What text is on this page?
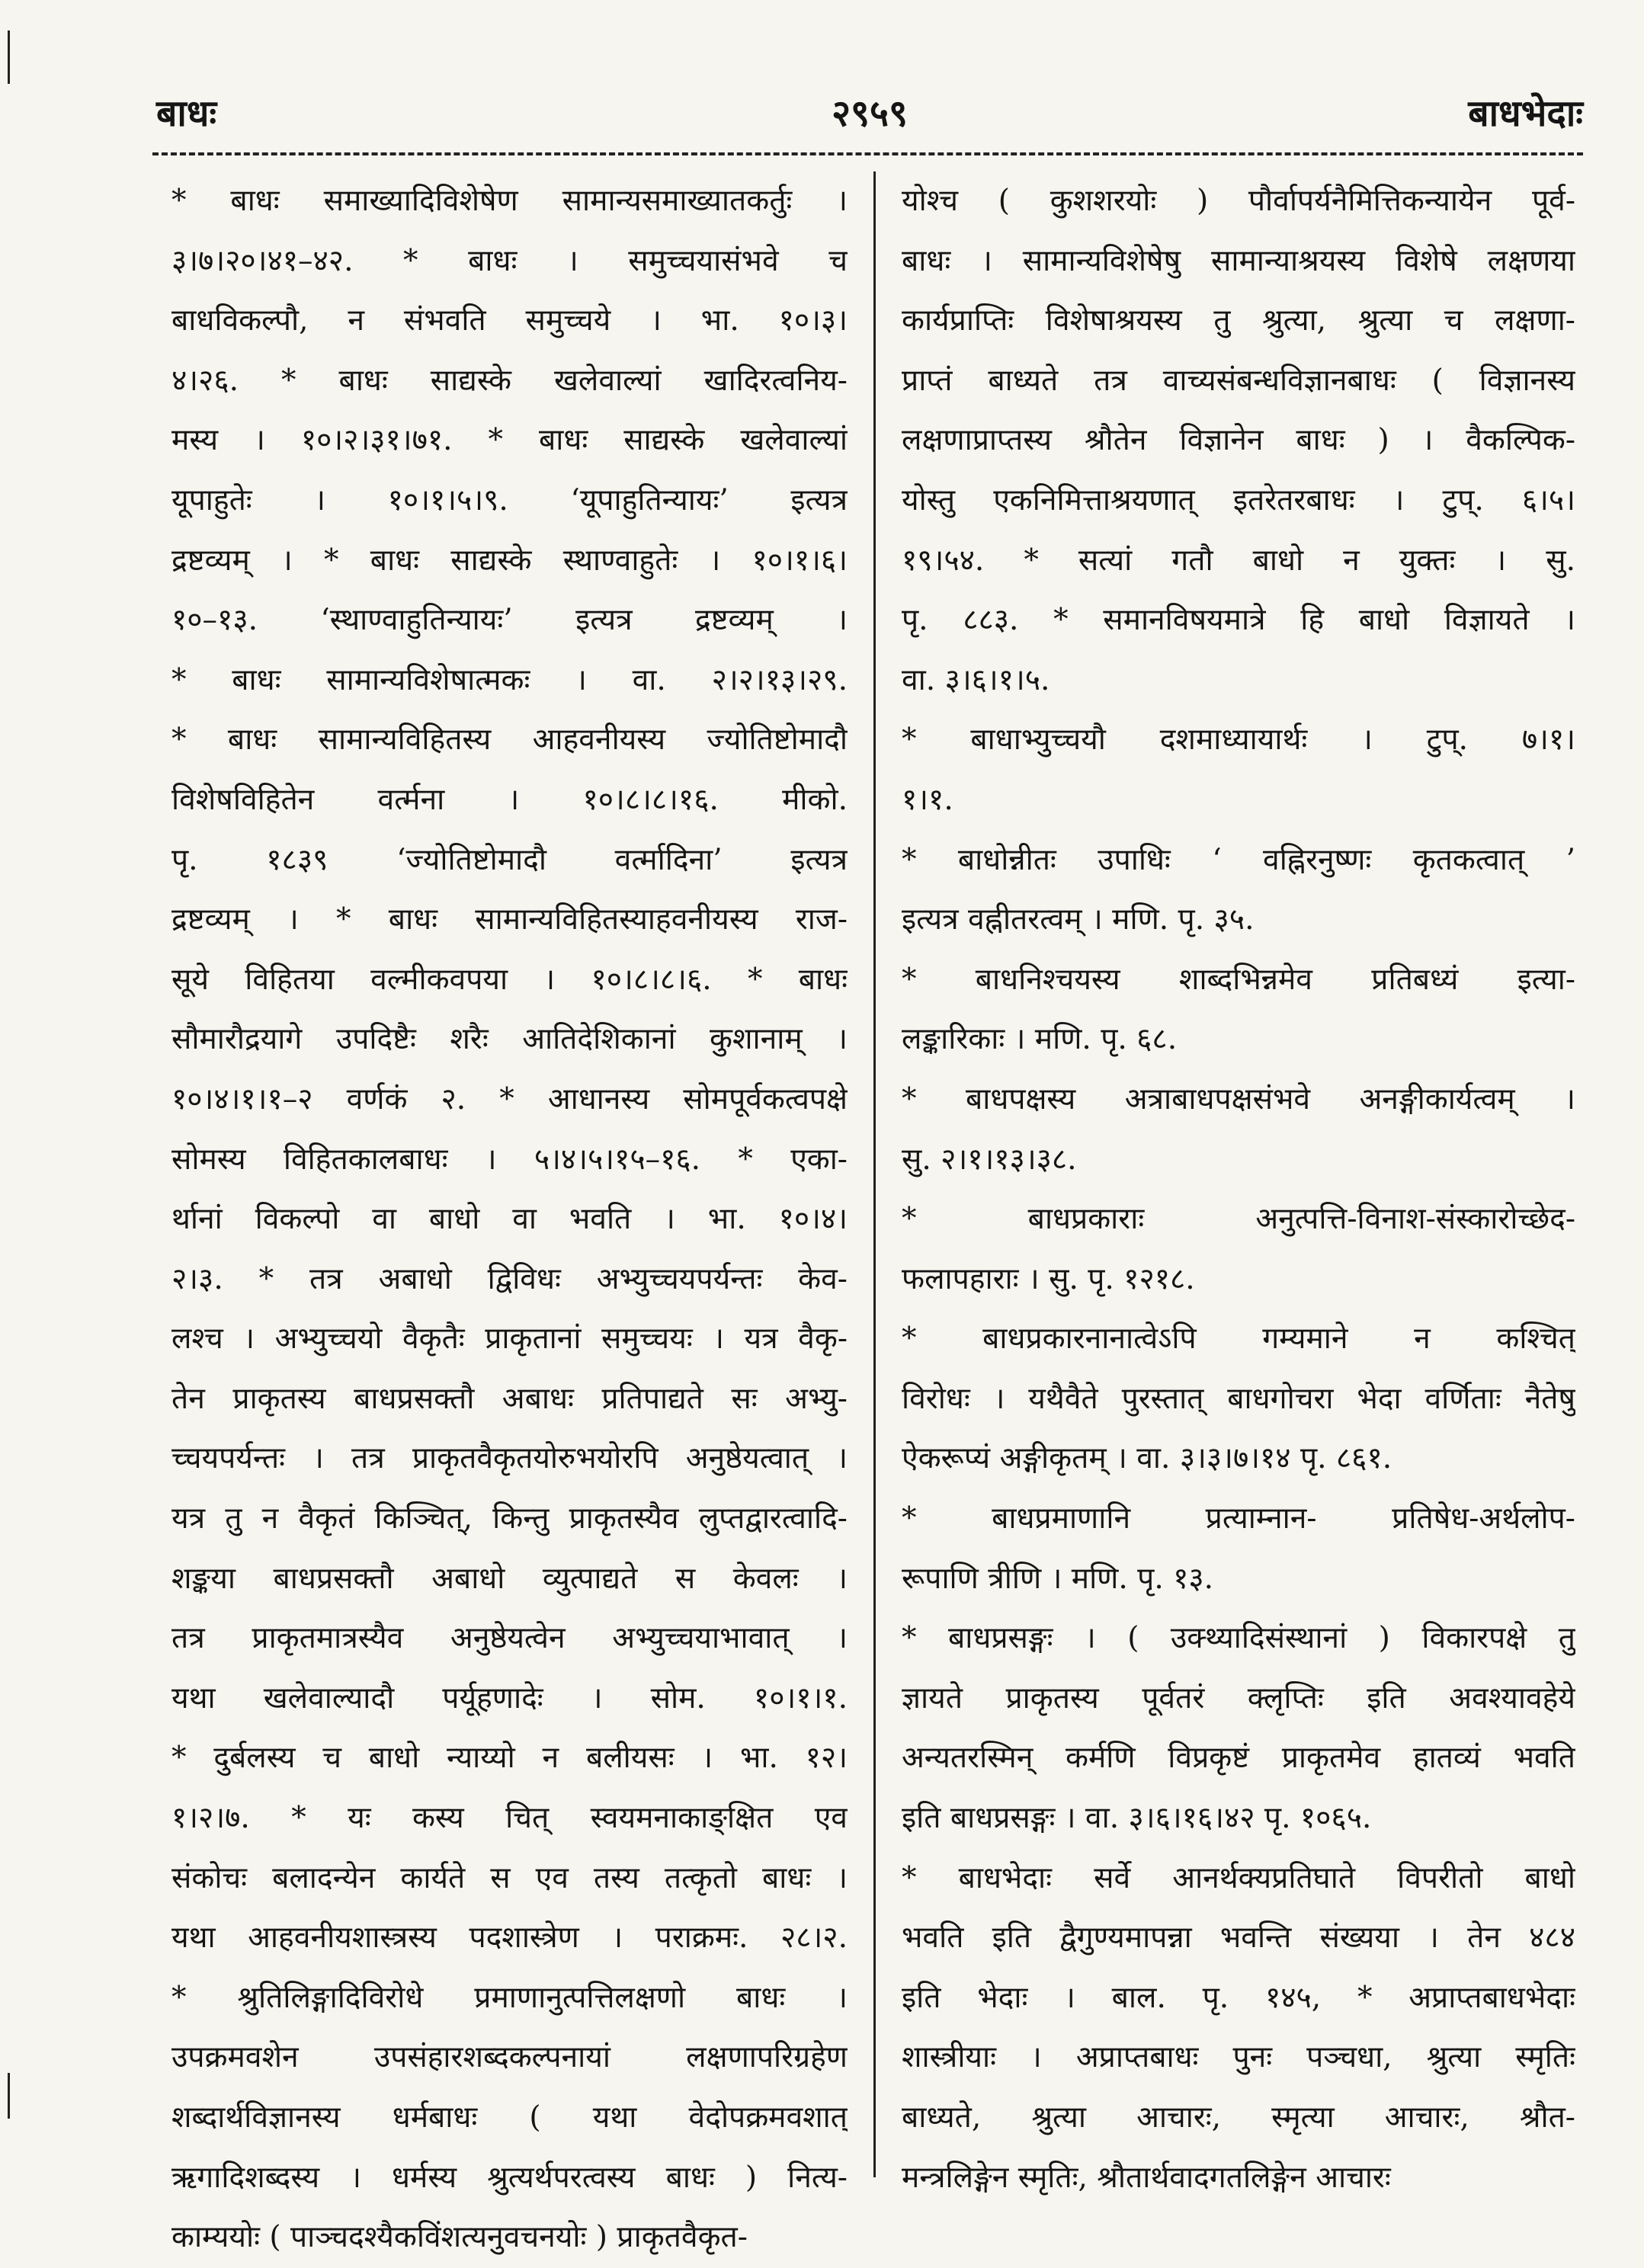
बाधः	२९५९	बाधभेदाः
* बाधः समाख्यादिविशेषेण सामान्यसमाख्यातकर्तुः ।
३।७।२०।४१–४२. * बाधः । समुच्चयासंभवे च
बाधविकल्पौ, न संभवति समुच्चये । भा. १०।३।
४।२६. * बाधः साद्यस्के खलेवाल्यां खादिरत्वनिय-
मस्य । १०।२।३१।७१. * बाधः साद्यस्के खलेवाल्यां
यूपाहुतेः । १०।१।५।९. ‘यूपाहुतिन्यायः’ इत्यत्र
द्रष्टव्यम् । * बाधः साद्यस्के स्थाण्वाहुतेः । १०।१।६।
१०–१३. ‘स्थाण्वाहुतिन्यायः’ इत्यत्र द्रष्टव्यम् ।
* बाधः सामान्यविशेषात्मकः । वा. २।२।१३।२९.
* बाधः सामान्यविहितस्य आहवनीयस्य ज्योतिष्टोमादौ
विशेषविहितेन वर्त्मना । १०।८।८।१६. मीको.
पृ. १८३९ ‘ज्योतिष्टोमादौ वर्त्मादिना’ इत्यत्र
द्रष्टव्यम् । * बाधः सामान्यविहितस्याहवनीयस्य राज-
सूये विहितया वल्मीकवपया । १०।८।८।६. * बाधः
सौमारौद्रयागे उपदिष्टैः शरैः आतिदेशिकानां कुशानाम् ।
१०।४।१।१–२ वर्णकं २. * आधानस्य सोमपूर्वकत्वपक्षे
सोमस्य विहितकालबाधः । ५।४।५।१५–१६. * एका-
र्थानां विकल्पो वा बाधो वा भवति । भा. १०।४।
२।३. * तत्र अबाधो द्विविधः अभ्युच्चयपर्यन्तः केव-
लश्च । अभ्युच्चयो वैकृतैः प्राकृतानां समुच्चयः । यत्र वैकृ-
तेन प्राकृतस्य बाधप्रसक्तौ अबाधः प्रतिपाद्यते सः अभ्यु-
च्चयपर्यन्तः । तत्र प्राकृतवैकृतयोरुभयोरपि अनुष्ठेयत्वात् ।
यत्र तु न वैकृतं किञ्चित्, किन्तु प्राकृतस्यैव लुप्तद्वारत्वादि-
शङ्कया बाधप्रसक्तौ अबाधो व्युत्पाद्यते स केवलः ।
तत्र प्राकृतमात्रस्यैव अनुष्ठेयत्वेन अभ्युच्चयाभावात् ।
यथा खलेवाल्यादौ पर्यूहणादेः । सोम. १०।१।१.
* दुर्बलस्य च बाधो न्याय्यो न बलीयसः । भा. १२।
१।२।७. * यः कस्य चित् स्वयमनाकाङ्क्षित एव
संकोचः बलादन्येन कार्यते स एव तस्य तत्कृतो बाधः ।
यथा आहवनीयशास्त्रस्य पदशास्त्रेण । पराक्रमः. २८।२.
* श्रुतिलिङ्गादिविरोधे प्रमाणानुत्पत्तिलक्षणो बाधः ।
उपक्रमवशेन उपसंहारशब्दकल्पनायां लक्षणापरिग्रहेण
शब्दार्थविज्ञानस्य धर्मबाधः ( यथा वेदोपक्रमवशात्
ऋगादिशब्दस्य । धर्मस्य श्रुत्यर्थपरत्वस्य बाधः ) नित्य-
काम्ययोः ( पाञ्चदश्यैकविंशत्यनुवचनयोः ) प्राकृतवैकृत-
योश्च ( कुशशरयोः ) पौर्वापर्यनैमित्तिकन्यायेन पूर्व-
बाधः । सामान्यविशेषेषु सामान्याश्रयस्य विशेषे लक्षणया
कार्यप्राप्तिः विशेषाश्रयस्य तु श्रुत्या, श्रुत्या च लक्षणा-
प्राप्तं बाध्यते तत्र वाच्यसंबन्धविज्ञानबाधः ( विज्ञानस्य
लक्षणाप्राप्तस्य श्रौतेन विज्ञानेन बाधः ) । वैकल्पिक-
योस्तु एकनिमित्ताश्रयणात् इतरेतरबाधः । टुप्. ६।५।
१९।५४. * सत्यां गतौ बाधो न युक्तः । सु.
पृ. ८८३. * समानविषयमात्रे हि बाधो विज्ञायते ।
वा. ३।६।१।५.
* बाधाभ्युच्चयौ दशमाध्यायार्थः । टुप्. ७।१।
१।१.
* बाधोन्नीतः उपाधिः ‘ वह्निरनुष्णः कृतकत्वात् ’
इत्यत्र वह्नीतरत्वम् । मणि. पृ. ३५.
* बाधनिश्चयस्य शाब्दभिन्नमेव प्रतिबध्यं इत्या-
लङ्कारिकाः । मणि. पृ. ६८.
* बाधपक्षस्य अत्राबाधपक्षसंभवे अनङ्गीकार्यत्वम् ।
सु. २।१।१३।३८.
* बाधप्रकाराः अनुत्पत्ति-विनाश-संस्कारोच्छेद-
फलापहाराः । सु. पृ. १२१८.
* बाधप्रकारनानात्वेऽपि गम्यमाने न कश्चित्
विरोधः । यथैवैते पुरस्तात् बाधगोचरा भेदा वर्णिताः नैतेषु
ऐकरूप्यं अङ्गीकृतम् । वा. ३।३।७।१४ पृ. ८६१.
* बाधप्रमाणानि प्रत्याम्नान- प्रतिषेध-अर्थलोप-
रूपाणि त्रीणि । मणि. पृ. १३.
* बाधप्रसङ्गः । ( उक्थ्यादिसंस्थानां ) विकारपक्षे तु
ज्ञायते प्राकृतस्य पूर्वतरं क्लृप्तिः इति अवश्यावहेये
अन्यतरस्मिन् कर्मणि विप्रकृष्टं प्राकृतमेव हातव्यं भवति
इति बाधप्रसङ्गः । वा. ३।६।१६।४२ पृ. १०६५.
* बाधभेदाः सर्वे आनर्थक्यप्रतिघाते विपरीतो बाधो
भवति इति द्वैगुण्यमापन्ना भवन्ति संख्यया । तेन ४८४
इति भेदाः । बाल. पृ. १४५, * अप्राप्तबाधभेदाः
शास्त्रीयाः । अप्राप्तबाधः पुनः पञ्चधा, श्रुत्या स्मृतिः
बाध्यते, श्रुत्या आचारः, स्मृत्या आचारः, श्रौत-
मन्त्रलिङ्गेन स्मृतिः, श्रौतार्थवादगतलिङ्गेन आचारः
